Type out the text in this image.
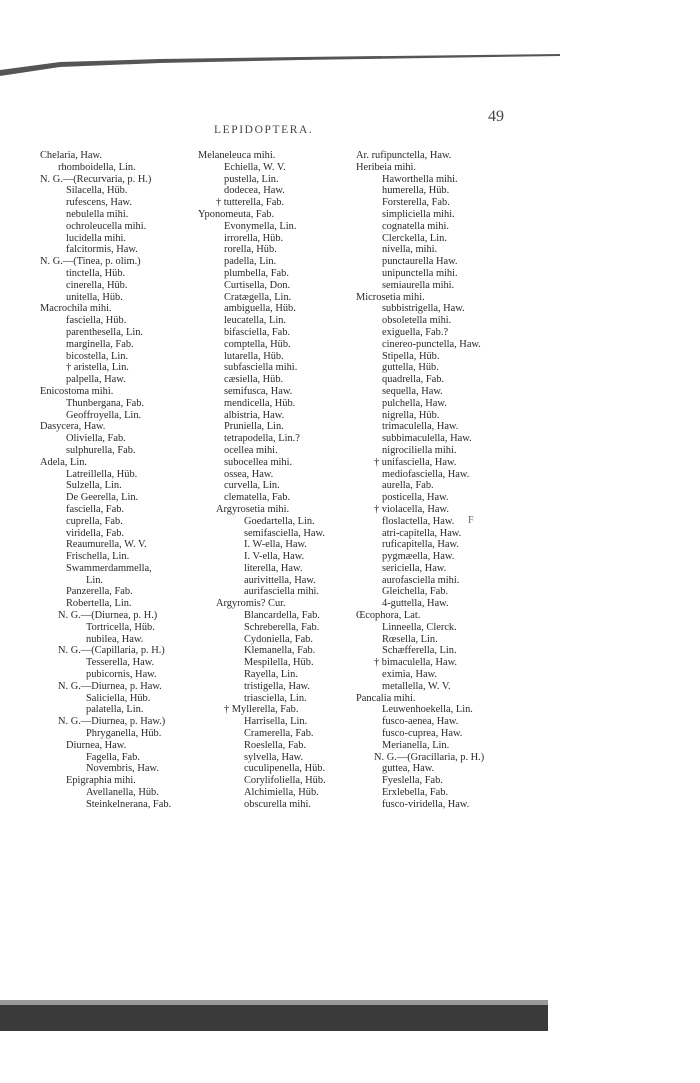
49
LEPIDOPTERA.
Chelaria, Haw.
rhomboidella, Lin.
N. G.—(Recurvaria, p. H.)
Silacella, Hüb.
rufescens, Haw.
nebulella mihi.
ochroleucella mihi.
lucidella mihi.
falcitormis, Haw.
N. G.—(Tinea, p. olim.)
tinctella, Hüb.
cinerella, Hüb.
unitella, Hüb.
Macrochila mihi.
fasciella, Hüb.
parenthesella, Lin.
marginella, Fab.
bicostella, Lin.
† aristella, Lin.
palpella, Haw.
Enicostoma mihi.
Thunbergana, Fab.
Geoffroyella, Lin.
Dasycera, Haw.
Oliviella, Fab.
sulphurella, Fab.
Adela, Lin.
Latreillella, Hüb.
Sulzella, Lin.
De Geerella, Lin.
fasciella, Fab.
cuprella, Fab.
viridella, Fab.
Reaumurella, W. V.
Frischella, Lin.
Swammerdammella,
Lin.
Panzerella, Fab.
Robertella, Lin.
N. G.—(Diurnea, p. H.)
Tortricella, Hüb.
nubilea, Haw.
N. G.—(Capillaria, p. H.)
Tesserella, Haw.
pubicornis, Haw.
N. G.—Diurnea, p. Haw.
Saliciella, Hüb.
palatella, Lin.
N. G.—Diurnea, p. Haw.)
Phryganella, Hüb.
Diurnea, Haw.
Fagella, Fab.
Novembris, Haw.
Epigraphia mihi.
Avellanella, Hüb.
Steinkelnerana, Fab.
Melaneleuca mihi.
Echiella, W. V.
pustella, Lin.
dodecea, Haw.
† tutterella, Fab.
Yponomeuta, Fab.
Evonymella, Lin.
irrorella, Hüb.
rorella, Hüb.
padella, Lin.
plumbella, Fab.
Curtisella, Don.
Cratægella, Lin.
ambiguella, Hüb.
leucatella, Lin.
bifasciella, Fab.
comptella, Hüb.
lutarella, Hüb.
subfasciella mihi.
cæsiella, Hüb.
semifusca, Haw.
mendicella, Hüb.
albistria, Haw.
Pruniella, Lin.
tetrapodella, Lin.?
ocellea mihi.
subocellea mihi.
ossea, Haw.
curvella, Lin.
clematella, Fab.
Argyrosetia mihi.
Goedartella, Lin.
semifasciella, Haw.
I. W-ella, Haw.
I. V-ella, Haw.
literella, Haw.
aurivittella, Haw.
aurifasciella mihi.
Argyromis? Cur.
Blancardella, Fab.
Schreberella, Fab.
Cydoniella, Fab.
Klemanella, Fab.
Mespilella, Hüb.
Rayella, Lin.
tristigella, Haw.
triasciella, Lin.
† Myllerella, Fab.
Harrisella, Lin.
Cramerella, Fab.
Roeslella, Fab.
sylvella, Haw.
cuculipenella, Hüb.
Corylifoliella, Hüb.
Alchimiella, Hüb.
obscurella mihi.
Ar. rufipunctella, Haw.
Heribeia mihi.
Haworthella mihi.
humerella, Hüb.
Forsterella, Fab.
simpliciella mihi.
cognatella mihi.
Clerckella, Lin.
nivella, mihi.
punctaurella Haw.
unipunctella mihi.
semiaurella mihi.
Microsetia mihi.
subbistrigella, Haw.
obsoletella mihi.
exiguella, Fab.?
cinereo-punctella, Haw.
Stipella, Hüb.
guttella, Hüb.
quadrella, Fab.
sequella, Haw.
pulchella, Haw.
nigrella, Hüb.
trimaculella, Haw.
subbimaculella, Haw.
nigrociliella mihi.
† unifasciella, Haw.
mediofasciella, Haw.
aurella, Fab.
posticella, Haw.
† violacella, Haw.
floslactella, Haw.
atri-capitella, Haw.
ruficapitella, Haw.
pygmæella, Haw.
sericiella, Haw.
aurofasciella mihi.
Gleichella, Fab.
4-guttella, Haw.
Œcophora, Lat.
Linneella, Clerck.
Rœsella, Lin.
Schæfferella, Lin.
† bimaculella, Haw.
eximia, Haw.
metallella, W. V.
Pancalia mihi.
Leuwenhoekella, Lin.
fusco-aenea, Haw.
fusco-cuprea, Haw.
Merianella, Lin.
N. G.—(Gracillaria, p. H.)
guttea, Haw.
Fyeslella, Fab.
Erxlebella, Fab.
fusco-viridella, Haw.
F
